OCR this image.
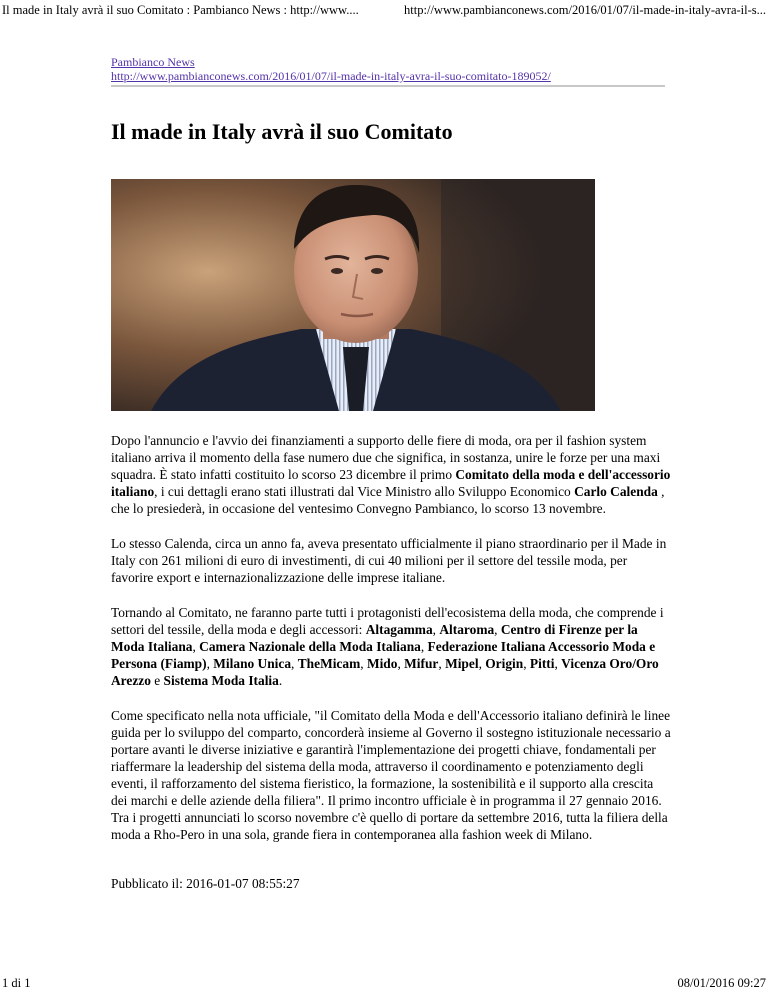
Il made in Italy avrà il suo Comitato : Pambianco News : http://www....	http://www.pambianconews.com/2016/01/07/il-made-in-italy-avra-il-s...
Pambianco News
http://www.pambianconews.com/2016/01/07/il-made-in-italy-avra-il-suo-comitato-189052/
Il made in Italy avrà il suo Comitato

Dopo l'annuncio e l'avvio dei finanziamenti a supporto delle fiere di moda, ora per il fashion system italiano arriva il momento della fase numero due che significa, in sostanza, unire le forze per una maxi squadra. È stato infatti costituito lo scorso 23 dicembre il primo Comitato della moda e dell'accessorio italiano, i cui dettagli erano stati illustrati dal Vice Ministro allo Sviluppo Economico Carlo Calenda , che lo presiederà, in occasione del ventesimo Convegno Pambianco, lo scorso 13 novembre.

Lo stesso Calenda, circa un anno fa, aveva presentato ufficialmente il piano straordinario per il Made in Italy con 261 milioni di euro di investimenti, di cui 40 milioni per il settore del tessile moda, per favorire export e internazionalizzazione delle imprese italiane.

Tornando al Comitato, ne faranno parte tutti i protagonisti dell'ecosistema della moda, che comprende i settori del tessile, della moda e degli accessori: Altagamma, Altaroma, Centro di Firenze per la Moda Italiana, Camera Nazionale della Moda Italiana, Federazione Italiana Accessorio Moda e Persona (Fiamp), Milano Unica, TheMicam, Mido, Mifur, Mipel, Origin, Pitti, Vicenza Oro/Oro Arezzo e Sistema Moda Italia.

Come specificato nella nota ufficiale, "il Comitato della Moda e dell'Accessorio italiano definirà le linee guida per lo sviluppo del comparto, concorderà insieme al Governo il sostegno istituzionale necessario a portare avanti le diverse iniziative e garantirà l'implementazione dei progetti chiave, fondamentali per riaffermare la leadership del sistema della moda, attraverso il coordinamento e potenziamento degli eventi, il rafforzamento del sistema fieristico, la formazione, la sostenibilità e il supporto alla crescita dei marchi e delle aziende della filiera". Il primo incontro ufficiale è in programma il 27 gennaio 2016. Tra i progetti annunciati lo scorso novembre c'è quello di portare da settembre 2016, tutta la filiera della moda a Rho-Pero in una sola, grande fiera in contemporanea alla fashion week di Milano.

Pubblicato il: 2016-01-07 08:55:27
1 di 1	08/01/2016 09:27
